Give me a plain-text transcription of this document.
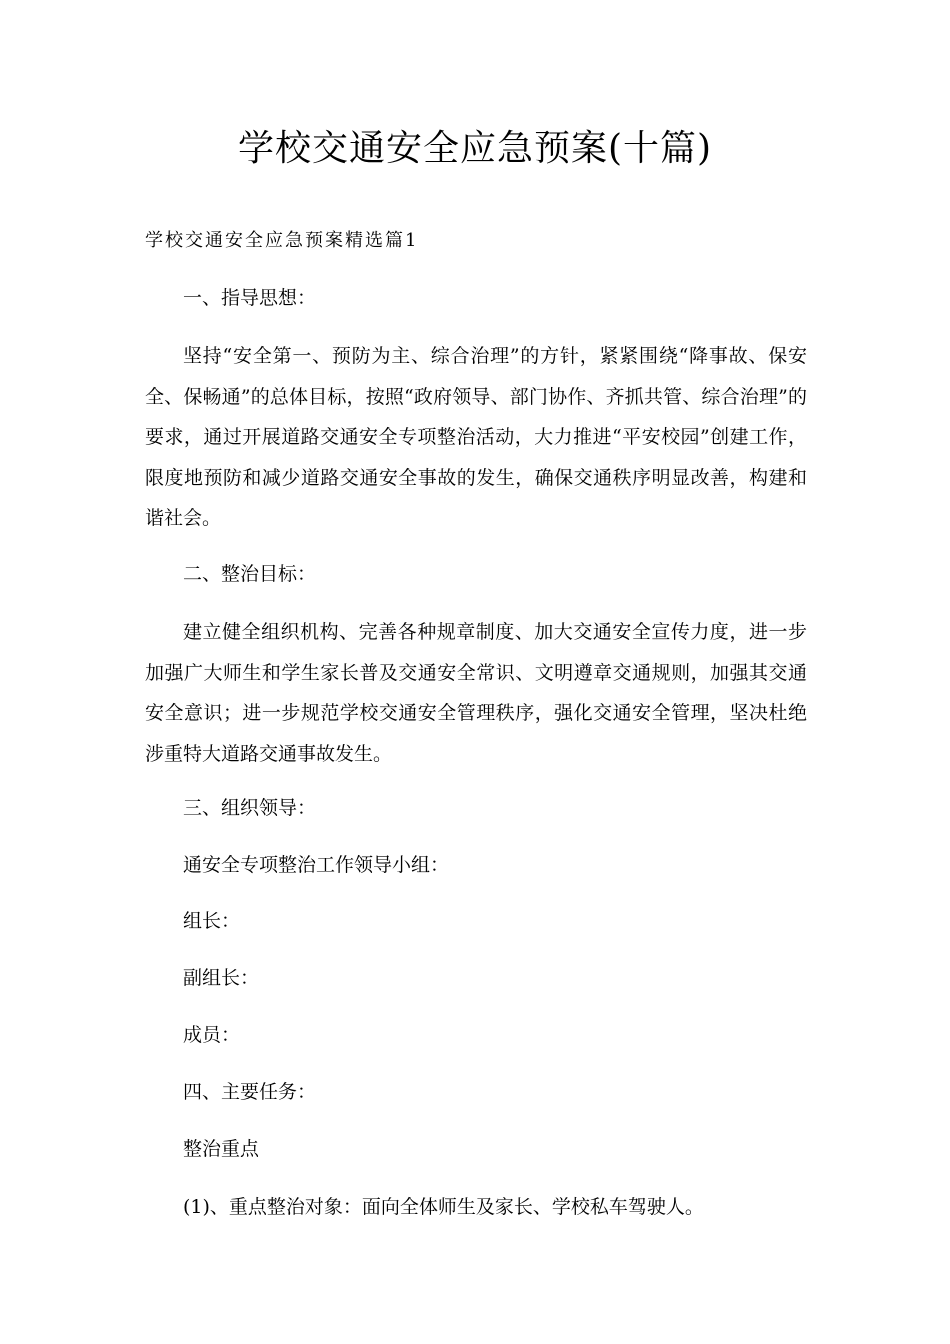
学校交通安全应急预案(十篇)

学校交通安全应急预案精选篇1

一、指导思想：

坚持“安全第一、预防为主、综合治理”的方针，紧紧围绕“降事故、保安全、保畅通”的总体目标，按照“政府领导、部门协作、齐抓共管、综合治理”的要求，通过开展道路交通安全专项整治活动，大力推进“平安校园”创建工作，限度地预防和减少道路交通安全事故的发生，确保交通秩序明显改善，构建和谐社会。

二、整治目标：

建立健全组织机构、完善各种规章制度、加大交通安全宣传力度，进一步加强广大师生和学生家长普及交通安全常识、文明遵章交通规则，加强其交通安全意识；进一步规范学校交通安全管理秩序，强化交通安全管理，坚决杜绝涉重特大道路交通事故发生。

三、组织领导：

通安全专项整治工作领导小组：

组长：

副组长：

成员：

四、主要任务：

整治重点

(1)、重点整治对象：面向全体师生及家长、学校私车驾驶人。
